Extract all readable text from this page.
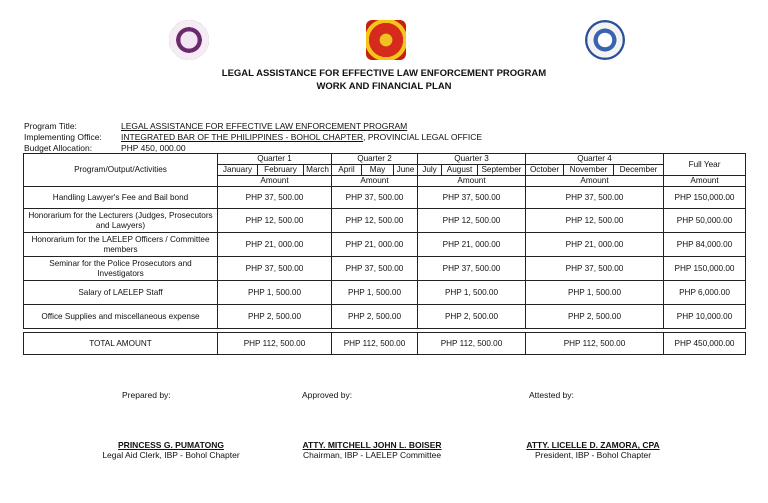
LEGAL ASSISTANCE FOR EFFECTIVE LAW ENFORCEMENT PROGRAM
WORK AND FINANCIAL PLAN
Program Title:	LEGAL ASSISTANCE FOR EFFECTIVE LAW ENFORCEMENT PROGRAM
Implementing Office: INTEGRATED BAR OF THE PHILIPPINES - BOHOL CHAPTER, PROVINCIAL LEGAL OFFICE
Budget Allocation:	PHP 450, 000.00
Program/Output/Activities	Quarter 1			Quarter 2			Quarter 3			Quarter 4			Full Year
	January	February	March	April	May	June	July	August	September	October	November	December	
	Amount			Amount			Amount			Amount			Amount
Handling Lawyer's Fee and Bail bond	PHP 37, 500.00			PHP 37, 500.00			PHP 37, 500.00			PHP 37, 500.00			PHP 150,000.00
Honorarium for the Lecturers (Judges, Prosecutors and Lawyers)	PHP 12, 500.00			PHP 12, 500.00			PHP 12, 500.00			PHP 12, 500.00			PHP 50,000.00
Honorarium for the LAELEP Officers / Committee members	PHP 21, 000.00			PHP 21, 000.00			PHP 21, 000.00			PHP 21, 000.00			PHP 84,000.00
Seminar for the Police Prosecutors and Investigators	PHP 37, 500.00			PHP 37, 500.00			PHP 37, 500.00			PHP 37, 500.00			PHP 150,000.00
Salary of LAELEP Staff	PHP 1, 500.00			PHP 1, 500.00			PHP 1, 500.00			PHP 1, 500.00			PHP 6,000.00
Office Supplies and miscellaneous expense	PHP 2, 500.00			PHP 2, 500.00			PHP 2, 500.00			PHP 2, 500.00			PHP 10,000.00

TOTAL AMOUNT	PHP 112, 500.00			PHP 112, 500.00			PHP 112, 500.00			PHP 112, 500.00			PHP 450,000.00
Prepared by:	Approved by:	Attested by:
PRINCESS G. PUMATONG
Legal Aid Clerk, IBP - Bohol Chapter
ATTY. MITCHELL JOHN L. BOISER
Chairman, IBP - LAELEP Committee
ATTY. LICELLE D. ZAMORA, CPA
President, IBP - Bohol Chapter
